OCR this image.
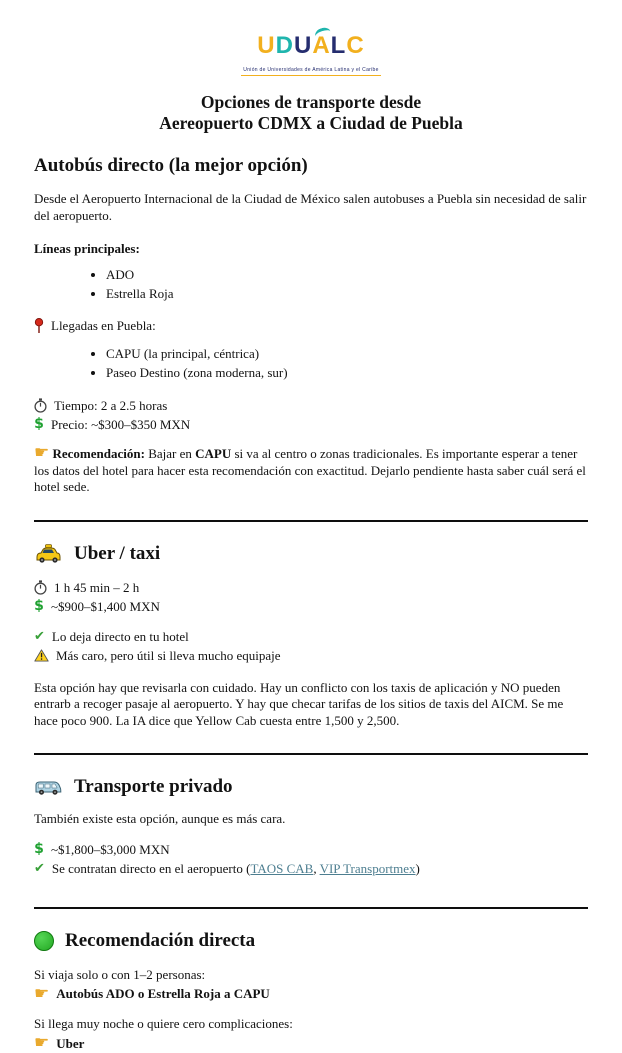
U D U A L C
Unión de Universidades de América Latina y el Caribe
Opciones de transporte desde
Aereopuerto CDMX a Ciudad de Puebla
Autobús directo (la mejor opción)

Desde el Aeropuerto Internacional de la Ciudad de México salen autobuses a Puebla sin necesidad de salir del aeropuerto.

Líneas principales:
• ADO
• Estrella Roja
Llegadas en Puebla:
• CAPU (la principal, céntrica)
• Paseo Destino (zona moderna, sur)
Tiempo: 2 a 2.5 horas
$ Precio: ~$300–$350 MXN

☛ Recomendación: Bajar en CAPU si va al centro o zonas tradicionales. Es importante esperar a tener los datos del hotel para hacer esta recomendación con exactitud. Dejarlo pendiente hasta saber cuál será el hotel sede.

Uber / taxi
1 h 45 min – 2 h
$ ~$900–$1,400 MXN
✔ Lo deja directo en tu hotel
Más caro, pero útil si lleva mucho equipaje

Esta opción hay que revisarla con cuidado. Hay un conflicto con los taxis de aplicación y NO pueden entrarb a recoger pasaje al aeropuerto. Y hay que checar tarifas de los sitios de taxis del AICM. Se me hace poco 900. La IA dice que Yellow Cab cuesta entre 1,500 y 2,500.

Transporte privado

También existe esta opción, aunque es más cara.

$ ~$1,800–$3,000 MXN
✔ Se contratan directo en el aeropuerto (TAOS CAB, VIP Transportmex)
Recomendación directa

Si viaja solo o con 1–2 personas:

☛ Autobús ADO o Estrella Roja a CAPU

Si llega muy noche o quiere cero complicaciones:

☛ Uber
